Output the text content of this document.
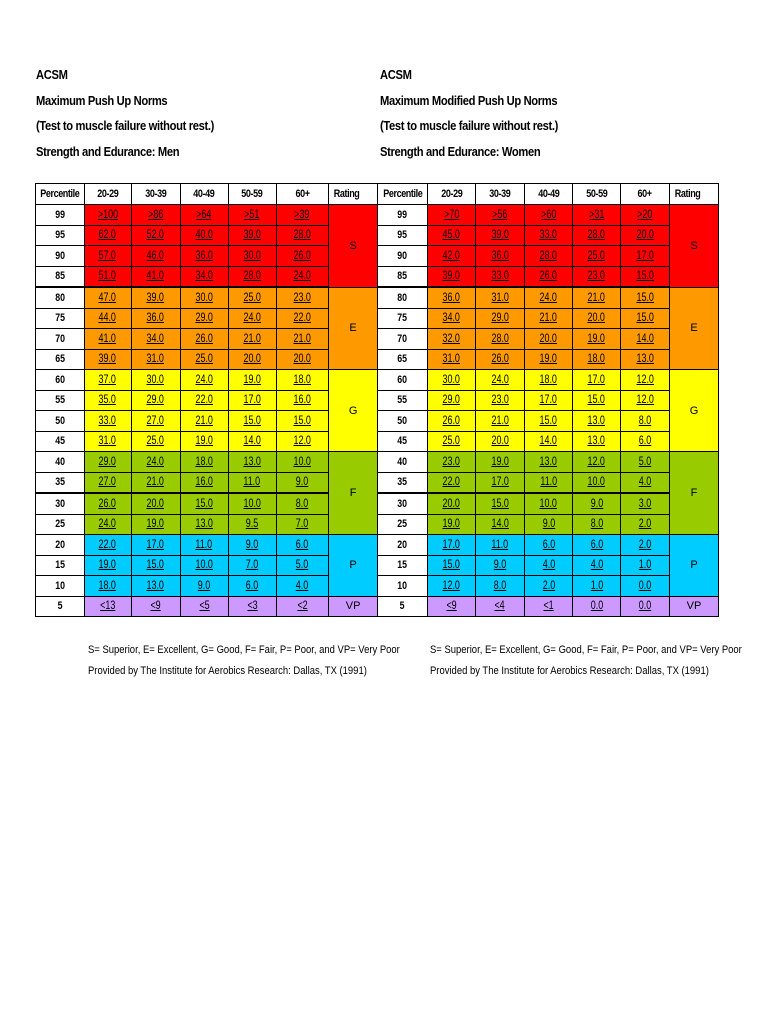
ACSM
Maximum Push Up Norms
(Test to muscle failure without rest.)
Strength and Edurance: Men
ACSM
Maximum Modified Push Up Norms
(Test to muscle failure without rest.)
Strength and Edurance: Women
Percentile	20-29	30-39	40-49	50-59	60+	Rating
99	>100	>86	>64	>51	>39	S
95	62.0	52.0	40.0	39.0	28.0	
90	57.0	46.0	36.0	30.0	26.0	
85	51.0	41.0	34.0	28.0	24.0	
80	47.0	39.0	30.0	25.0	23.0	E
75	44.0	36.0	29.0	24.0	22.0	
70	41.0	34.0	26.0	21.0	21.0	
65	39.0	31.0	25.0	20.0	20.0	
60	37.0	30.0	24.0	19.0	18.0	G
55	35.0	29.0	22.0	17.0	16.0	
50	33.0	27.0	21.0	15.0	15.0	
45	31.0	25.0	19.0	14.0	12.0	
40	29.0	24.0	18.0	13.0	10.0	F
35	27.0	21.0	16.0	11.0	9.0	
30	26.0	20.0	15.0	10.0	8.0	
25	24.0	19.0	13.0	9.5	7.0	
20	22.0	17.0	11.0	9.0	6.0	P
15	19.0	15.0	10.0	7.0	5.0	
10	18.0	13.0	9.0	6.0	4.0	
5	<13	<9	<5	<3	<2	VP
Percentile	20-29	30-39	40-49	50-59	60+	Rating
99	>70	>56	>60	>31	>20	S
95	45.0	39.0	33.0	28.0	20.0	
90	42.0	36.0	28.0	25.0	17.0	
85	39.0	33.0	26.0	23.0	15.0	
80	36.0	31.0	24.0	21.0	15.0	E
75	34.0	29.0	21.0	20.0	15.0	
70	32.0	28.0	20.0	19.0	14.0	
65	31.0	26.0	19.0	18.0	13.0	
60	30.0	24.0	18.0	17.0	12.0	G
55	29.0	23.0	17.0	15.0	12.0	
50	26.0	21.0	15.0	13.0	8.0	
45	25.0	20.0	14.0	13.0	6.0	
40	23.0	19.0	13.0	12.0	5.0	F
35	22.0	17.0	11.0	10.0	4.0	
30	20.0	15.0	10.0	9.0	3.0	
25	19.0	14.0	9.0	8.0	2.0	
20	17.0	11.0	6.0	6.0	2.0	P
15	15.0	9.0	4.0	4.0	1.0	
10	12.0	8.0	2.0	1.0	0.0	
5	<9	<4	<1	0.0	0.0	VP
S= Superior, E= Excellent, G= Good, F= Fair, P= Poor, and VP= Very Poor
Provided by The Institute for Aerobics Research: Dallas, TX (1991)
S= Superior, E= Excellent, G= Good, F= Fair, P= Poor, and VP= Very Poor
Provided by The Institute for Aerobics Research: Dallas, TX (1991)
